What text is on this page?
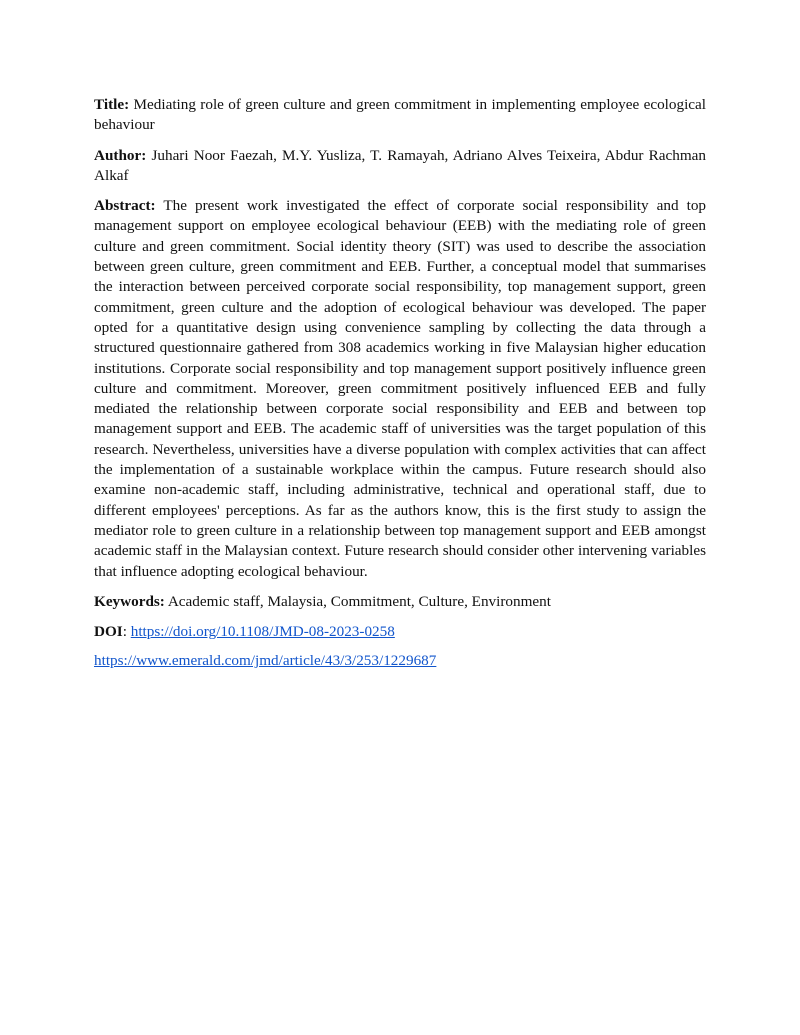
Title: Mediating role of green culture and green commitment in implementing employee ecological behaviour

Author: Juhari Noor Faezah, M.Y. Yusliza, T. Ramayah, Adriano Alves Teixeira, Abdur Rachman Alkaf

Abstract: The present work investigated the effect of corporate social responsibility and top management support on employee ecological behaviour (EEB) with the mediating role of green culture and green commitment. Social identity theory (SIT) was used to describe the association between green culture, green commitment and EEB. Further, a conceptual model that summarises the interaction between perceived corporate social responsibility, top management support, green commitment, green culture and the adoption of ecological behaviour was developed. The paper opted for a quantitative design using convenience sampling by collecting the data through a structured questionnaire gathered from 308 academics working in five Malaysian higher education institutions. Corporate social responsibility and top management support positively influence green culture and commitment. Moreover, green commitment positively influenced EEB and fully mediated the relationship between corporate social responsibility and EEB and between top management support and EEB. The academic staff of universities was the target population of this research. Nevertheless, universities have a diverse population with complex activities that can affect the implementation of a sustainable workplace within the campus. Future research should also examine non-academic staff, including administrative, technical and operational staff, due to different employees' perceptions. As far as the authors know, this is the first study to assign the mediator role to green culture in a relationship between top management support and EEB amongst academic staff in the Malaysian context. Future research should consider other intervening variables that influence adopting ecological behaviour.

Keywords: Academic staff, Malaysia, Commitment, Culture, Environment

DOI: https://doi.org/10.1108/JMD-08-2023-0258

https://www.emerald.com/jmd/article/43/3/253/1229687
